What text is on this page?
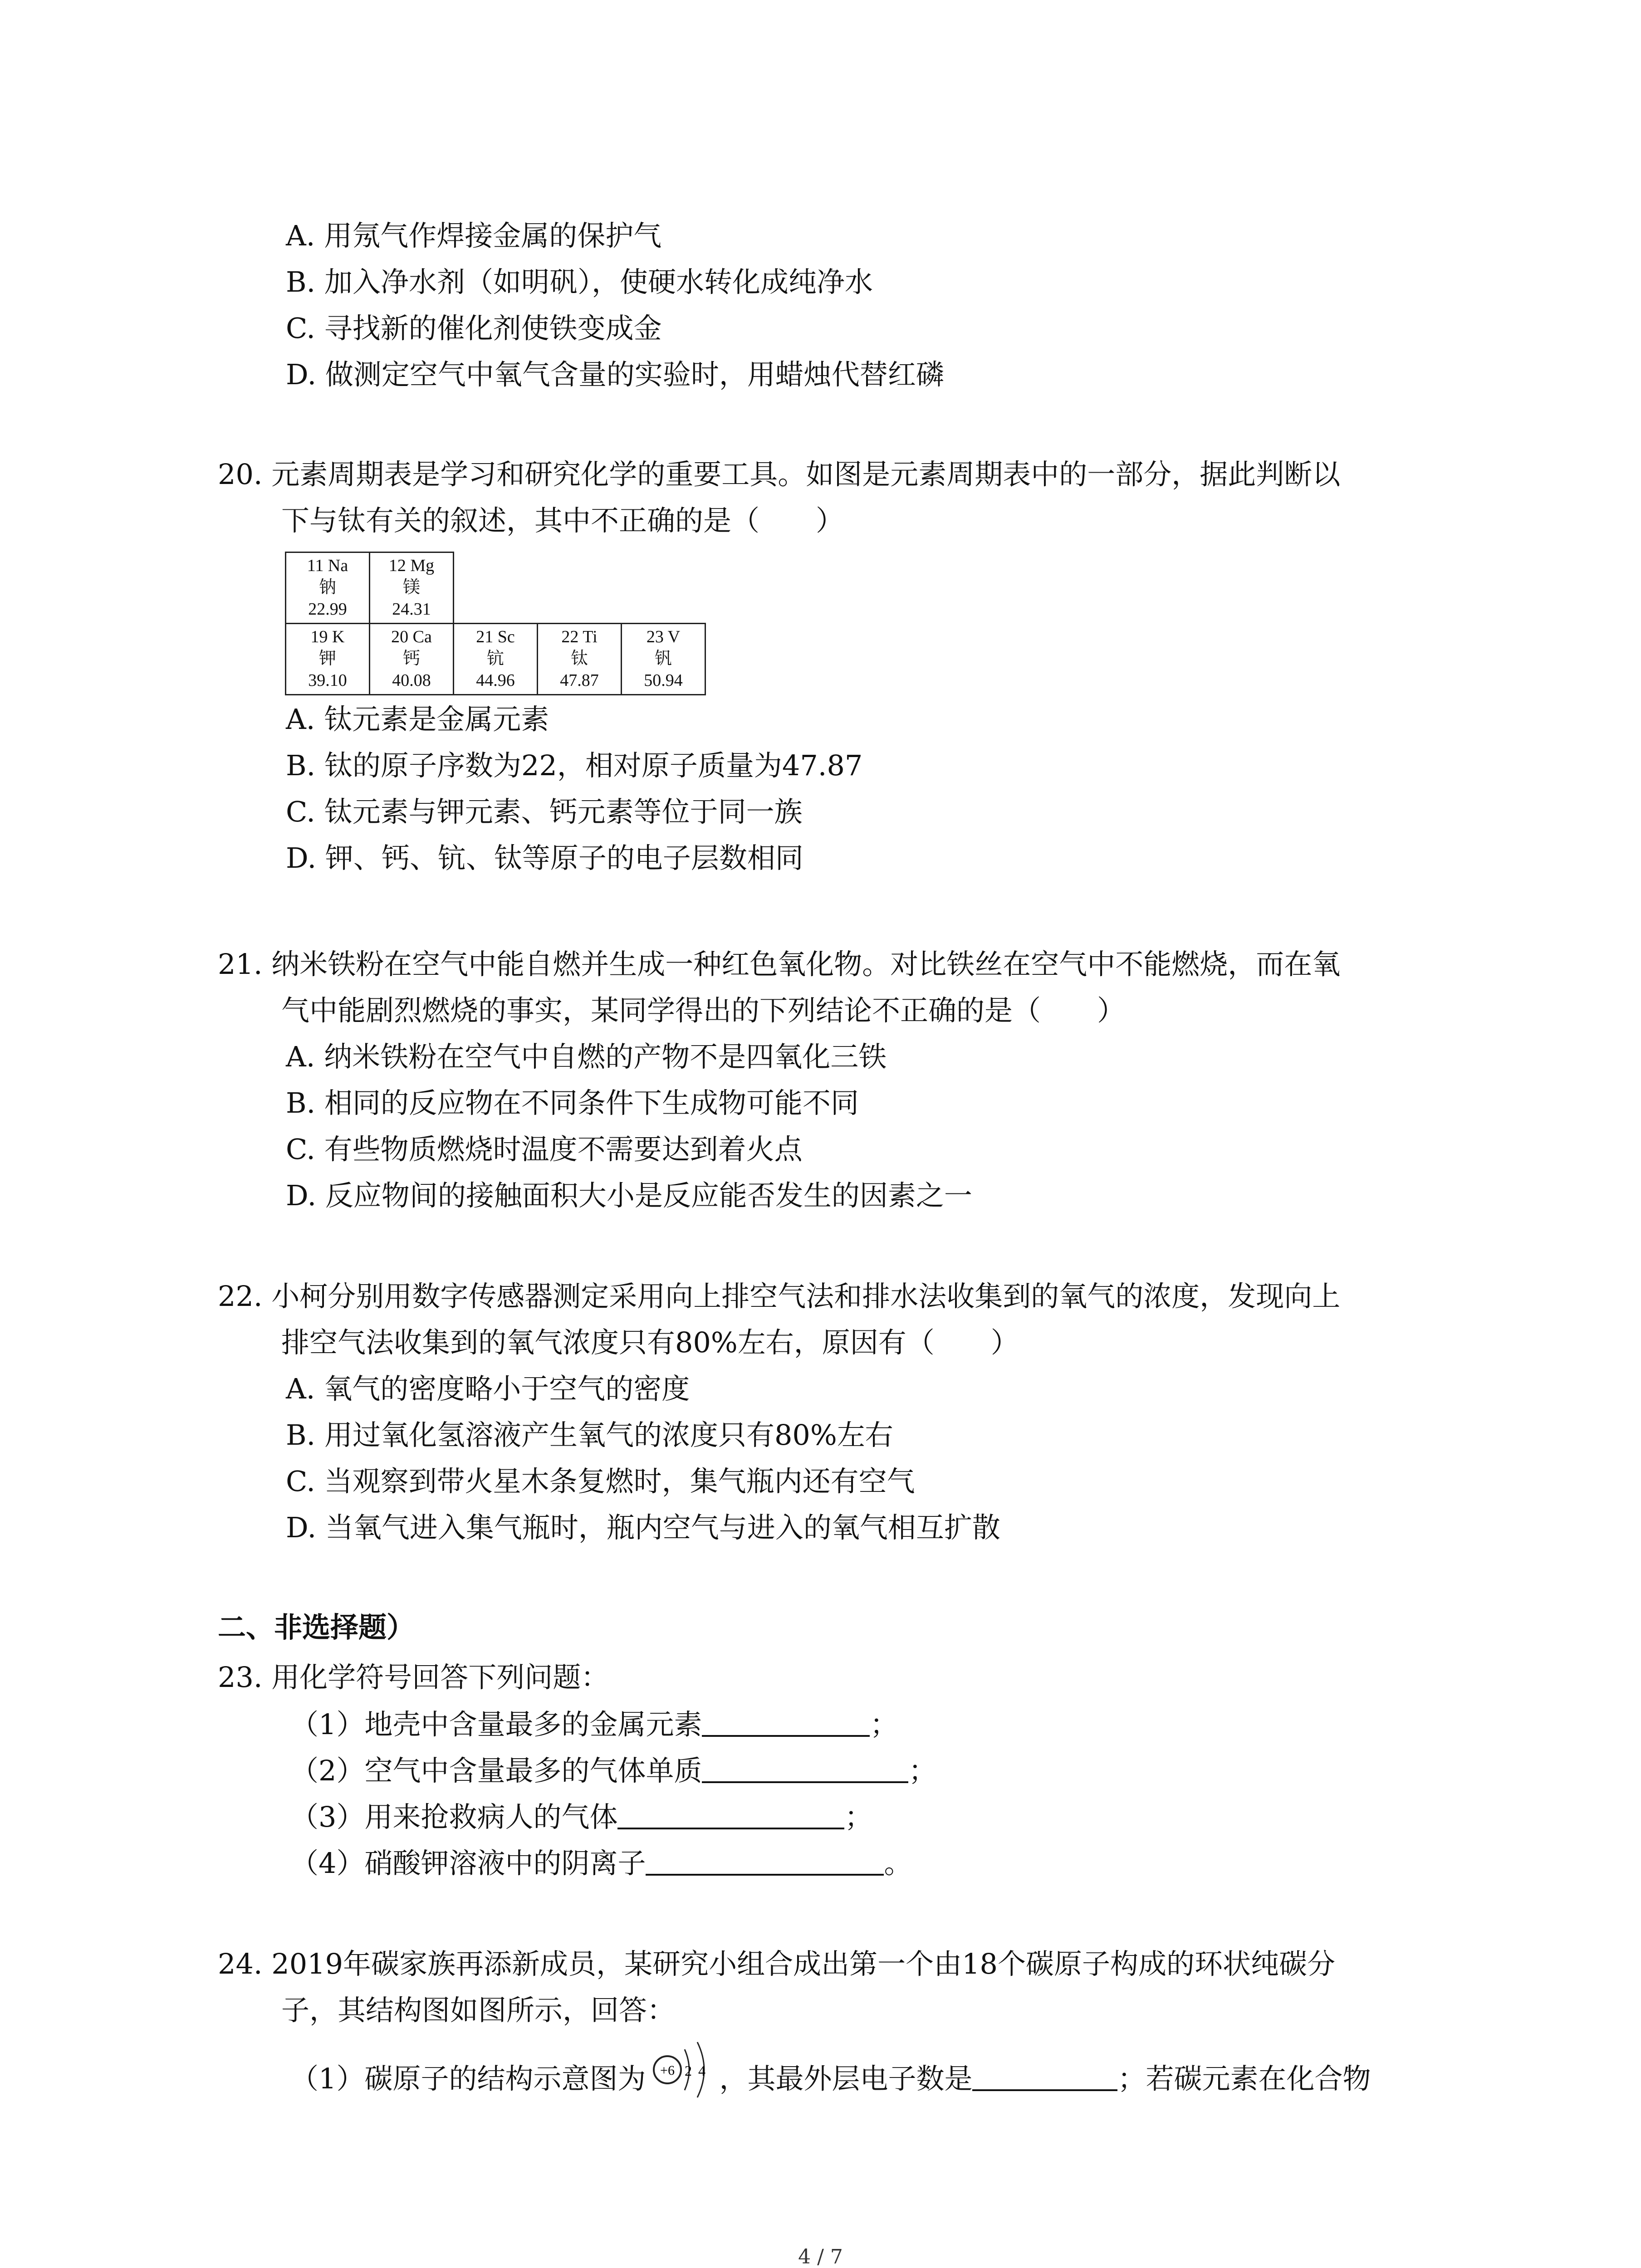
A. 用氖气作焊接金属的保护气
B. 加入净水剂（如明矾），使硬水转化成纯净水
C. 寻找新的催化剂使铁变成金
D. 做测定空气中氧气含量的实验时，用蜡烛代替红磷
20. 元素周期表是学习和研究化学的重要工具。如图是元素周期表中的一部分，据此判断以
下与钛有关的叙述，其中不正确的是（　　）
11 Na
钠
22.99	12 Mg
镁
24.31			

19 K
钾
39.10	20 Ca
钙
40.08	21 Sc
钪
44.96	22 Ti
钛
47.87	23 V
钒
50.94
A. 钛元素是金属元素
B. 钛的原子序数为22，相对原子质量为47.87
C. 钛元素与钾元素、钙元素等位于同一族
D. 钾、钙、钪、钛等原子的电子层数相同
21. 纳米铁粉在空气中能自燃并生成一种红色氧化物。对比铁丝在空气中不能燃烧，而在氧
气中能剧烈燃烧的事实，某同学得出的下列结论不正确的是（　　）
A. 纳米铁粉在空气中自燃的产物不是四氧化三铁
B. 相同的反应物在不同条件下生成物可能不同
C. 有些物质燃烧时温度不需要达到着火点
D. 反应物间的接触面积大小是反应能否发生的因素之一
22. 小柯分别用数字传感器测定采用向上排空气法和排水法收集到的氧气的浓度，发现向上
排空气法收集到的氧气浓度只有80%左右，原因有（　　）
A. 氧气的密度略小于空气的密度
B. 用过氧化氢溶液产生氧气的浓度只有80%左右
C. 当观察到带火星木条复燃时，集气瓶内还有空气
D. 当氧气进入集气瓶时，瓶内空气与进入的氧气相互扩散
二、非选择题）
23. 用化学符号回答下列问题：
（1）地壳中含量最多的金属元素	；
（2）空气中含量最多的气体单质	；
（3）用来抢救病人的气体	；
（4）硝酸钾溶液中的阴离子	。
24. 2019年碳家族再添新成员，某研究小组合成出第一个由18个碳原子构成的环状纯碳分
子，其结构图如图所示，回答：
（1）碳原子的结构示意图为 +6 2 4 ，其最外层电子数是	；若碳元素在化合物
4 / 7
